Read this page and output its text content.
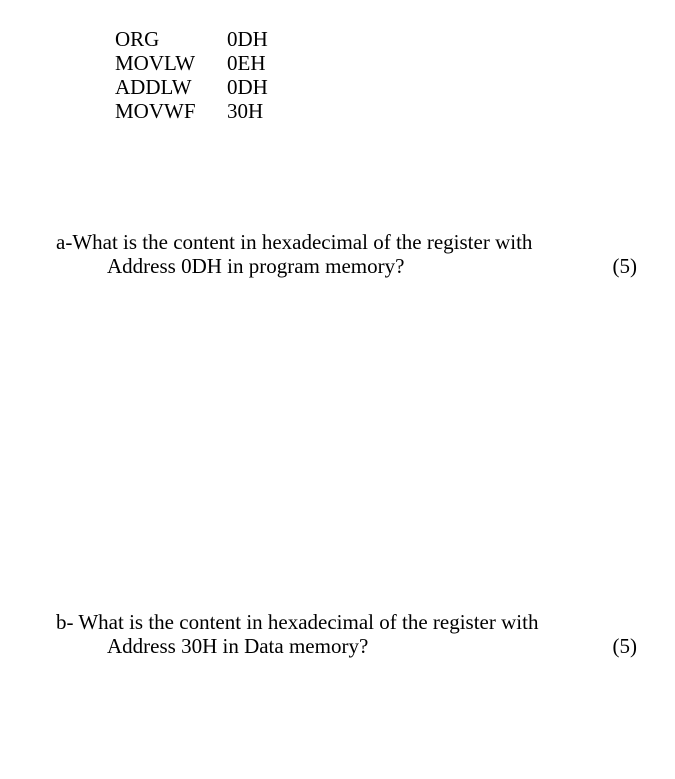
ORG	0DH
MOVLW	0EH
ADDLW	0DH
MOVWF	30H
a-What is the content in hexadecimal of the register with
Address 0DH in program memory?	(5)
b- What is the content in hexadecimal of the register with
Address 30H in Data memory?	(5)
